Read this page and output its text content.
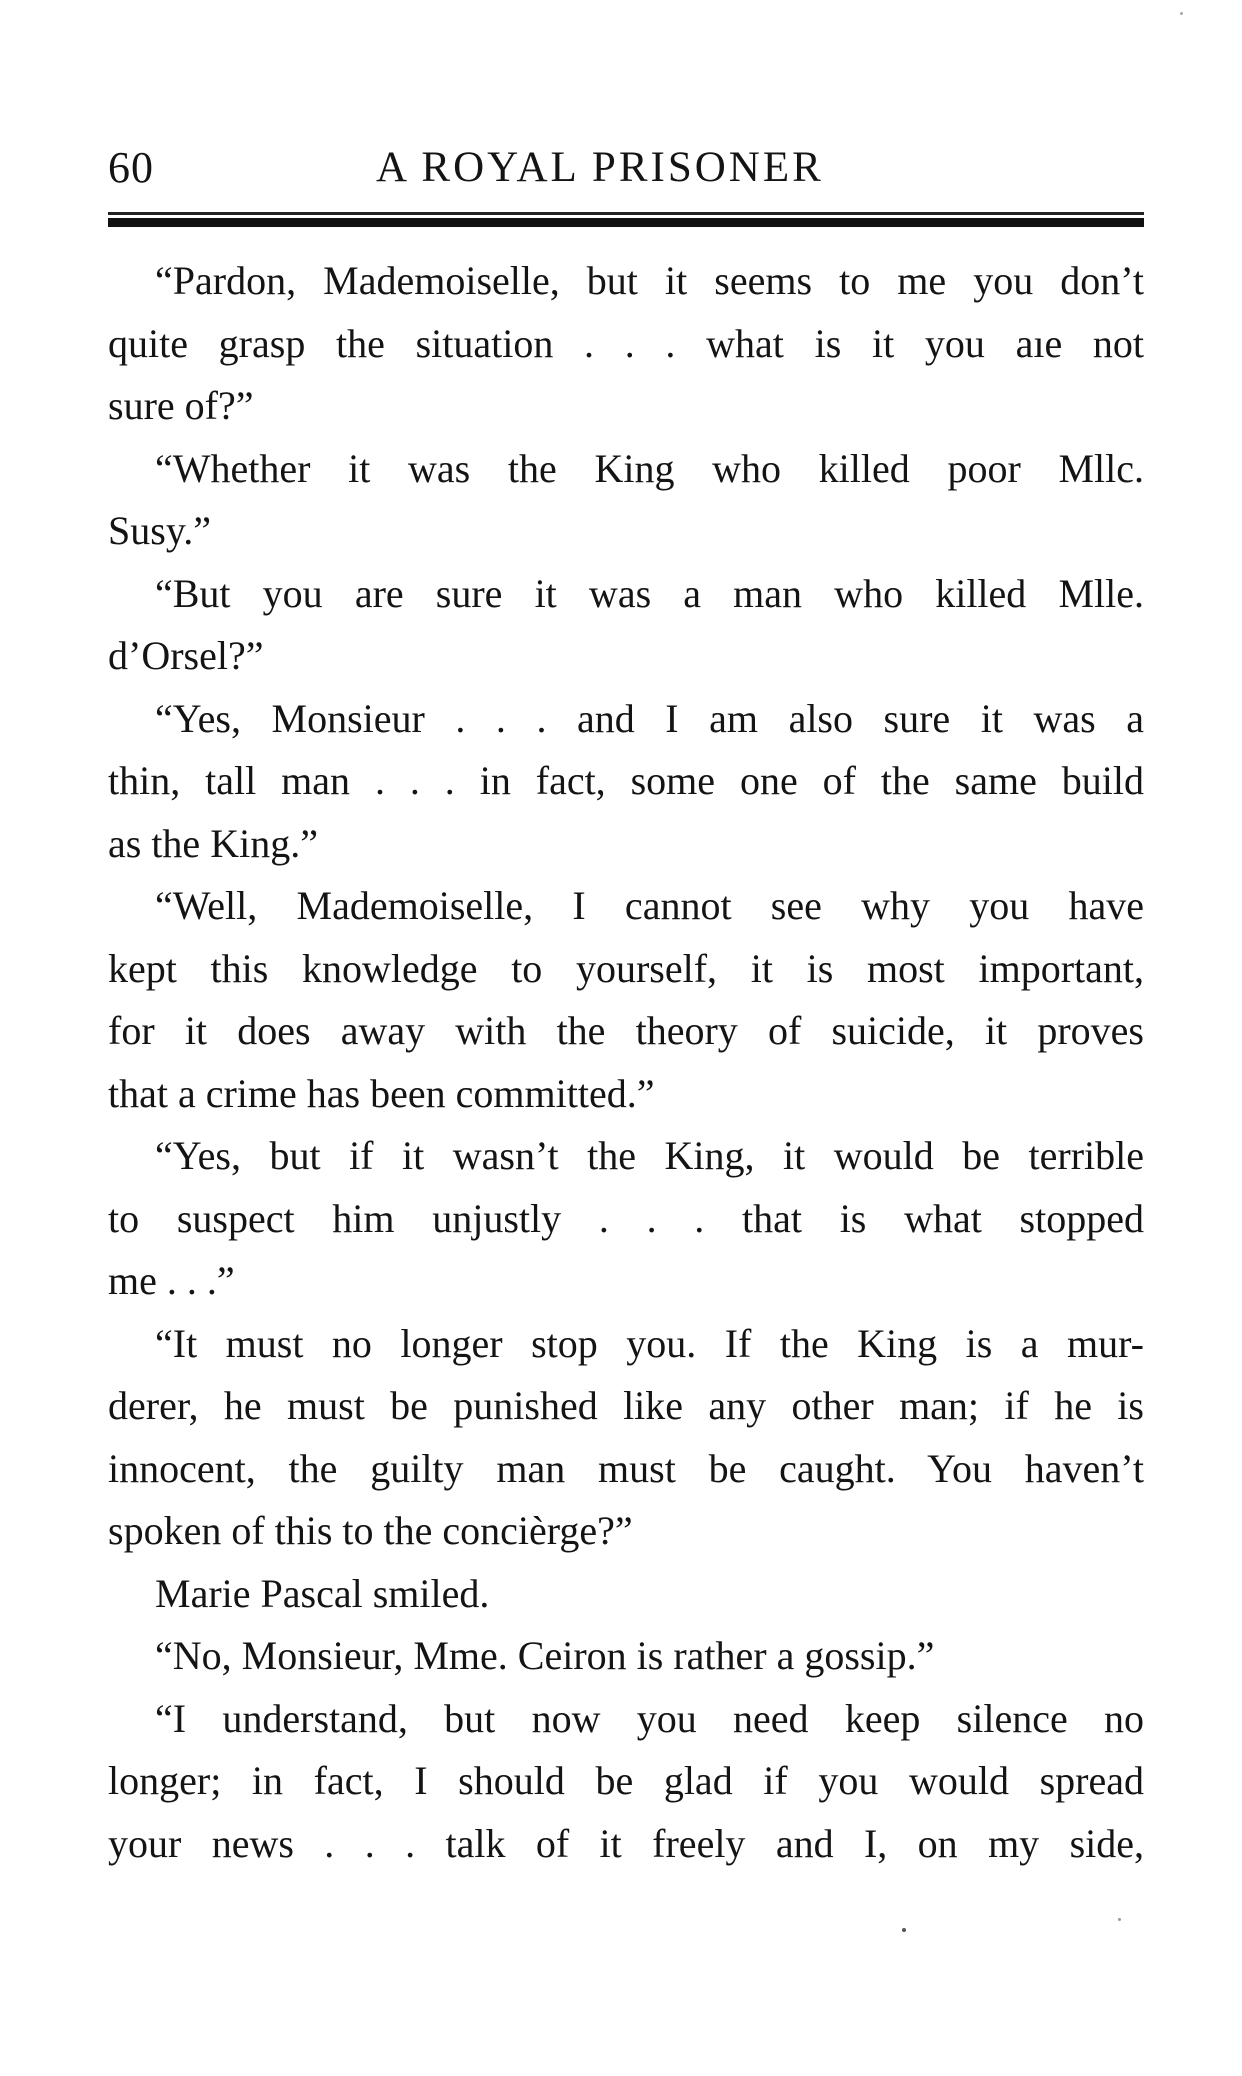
60	A ROYAL PRISONER
“Pardon, Mademoiselle, but it seems to me you don’t
quite grasp the situation . . . what is it you aıe not
sure of?”
“Whether it was the King who killed poor Mllc.
Susy.”
“But you are sure it was a man who killed Mlle.
d’Orsel?”
“Yes, Monsieur . . . and I am also sure it was a
thin, tall man . . . in fact, some one of the same build
as the King.”
“Well, Mademoiselle, I cannot see why you have
kept this knowledge to yourself, it is most important,
for it does away with the theory of suicide, it proves
that a crime has been committed.”
“Yes, but if it wasn’t the King, it would be terrible
to suspect him unjustly . . . that is what stopped
me . . .”
“It must no longer stop you. If the King is a mur-
derer, he must be punished like any other man; if he is
innocent, the guilty man must be caught. You haven’t
spoken of this to the concièrge?”
Marie Pascal smiled.
“No, Monsieur, Mme. Ceiron is rather a gossip.”
“I understand, but now you need keep silence no
longer; in fact, I should be glad if you would spread
your news . . . talk of it freely and I, on my side,
